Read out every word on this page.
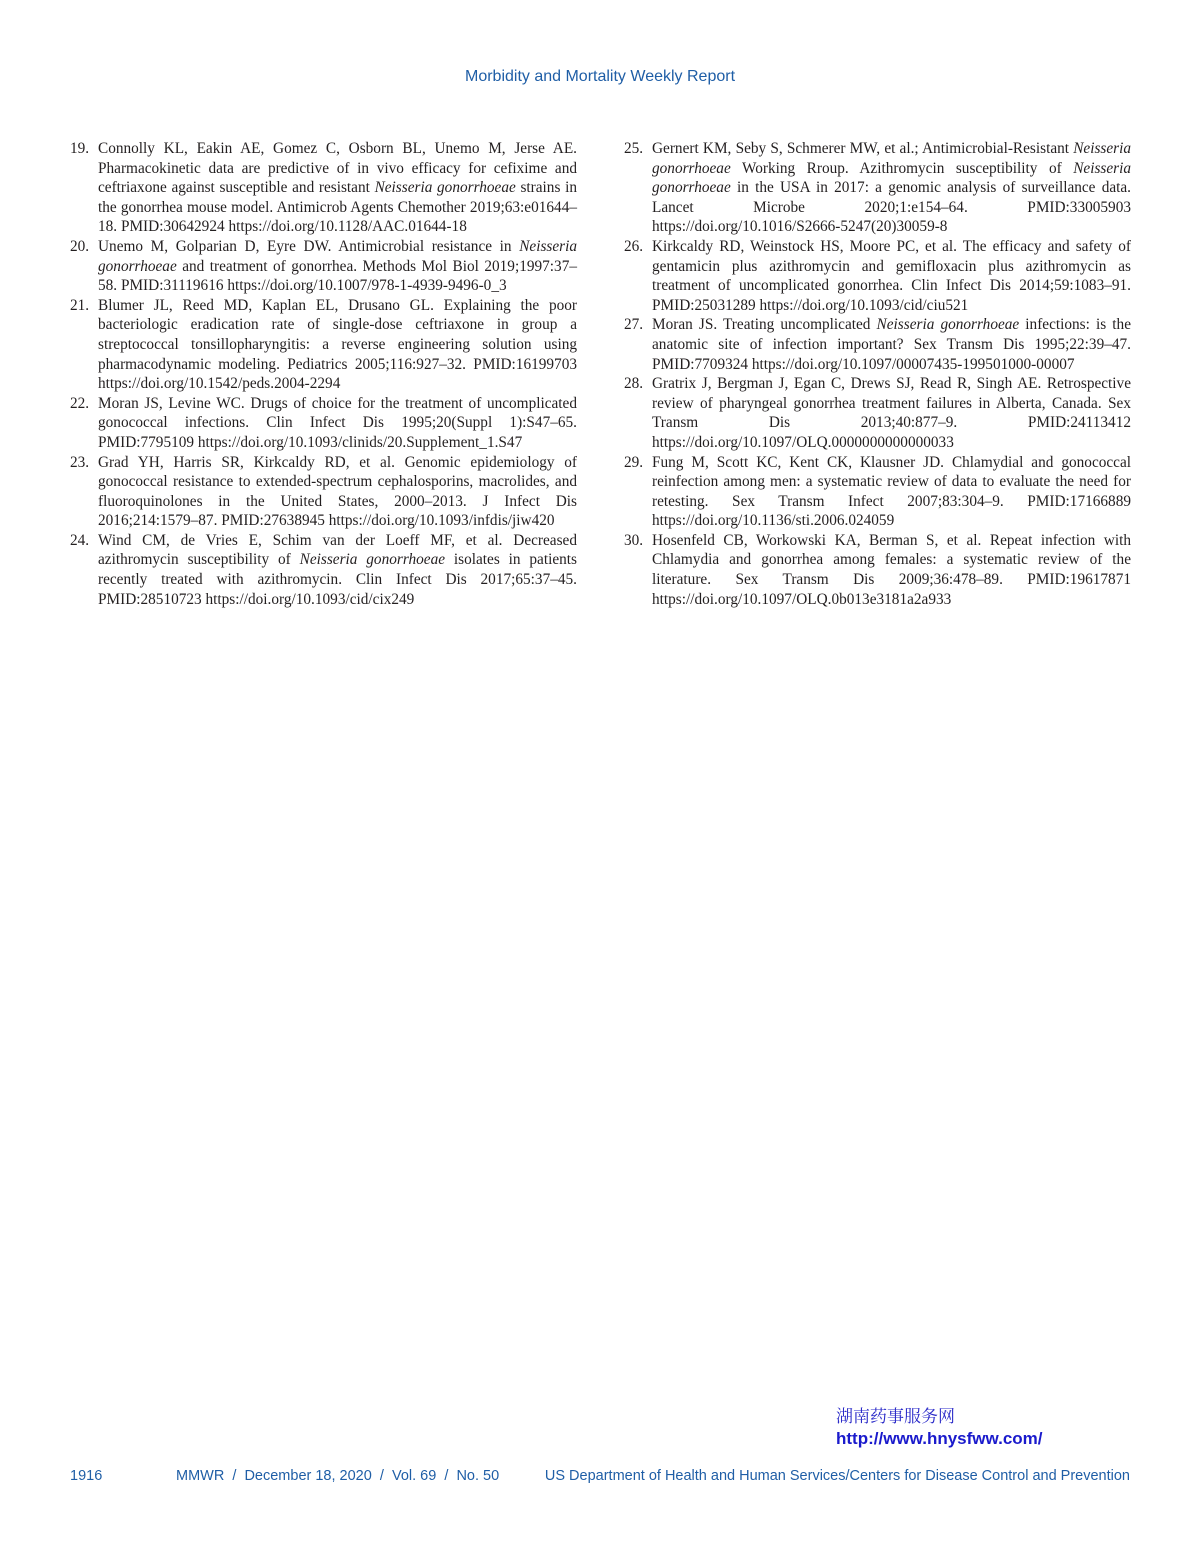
Morbidity and Mortality Weekly Report

19. Connolly KL, Eakin AE, Gomez C, Osborn BL, Unemo M, Jerse AE. Pharmacokinetic data are predictive of in vivo efficacy for cefixime and ceftriaxone against susceptible and resistant Neisseria gonorrhoeae strains in the gonorrhea mouse model. Antimicrob Agents Chemother 2019;63:e01644–18. PMID:30642924 https://doi.org/10.1128/AAC.01644-18

20. Unemo M, Golparian D, Eyre DW. Antimicrobial resistance in Neisseria gonorrhoeae and treatment of gonorrhea. Methods Mol Biol 2019;1997:37–58. PMID:31119616 https://doi.org/10.1007/978-1-4939-9496-0_3

21. Blumer JL, Reed MD, Kaplan EL, Drusano GL. Explaining the poor bacteriologic eradication rate of single-dose ceftriaxone in group a streptococcal tonsillopharyngitis: a reverse engineering solution using pharmacodynamic modeling. Pediatrics 2005;116:927–32. PMID:16199703 https://doi.org/10.1542/peds.2004-2294

22. Moran JS, Levine WC. Drugs of choice for the treatment of uncomplicated gonococcal infections. Clin Infect Dis 1995;20(Suppl 1):S47–65. PMID:7795109 https://doi.org/10.1093/clinids/20.Supplement_1.S47

23. Grad YH, Harris SR, Kirkcaldy RD, et al. Genomic epidemiology of gonococcal resistance to extended-spectrum cephalosporins, macrolides, and fluoroquinolones in the United States, 2000–2013. J Infect Dis 2016;214:1579–87. PMID:27638945 https://doi.org/10.1093/infdis/jiw420

24. Wind CM, de Vries E, Schim van der Loeff MF, et al. Decreased azithromycin susceptibility of Neisseria gonorrhoeae isolates in patients recently treated with azithromycin. Clin Infect Dis 2017;65:37–45. PMID:28510723 https://doi.org/10.1093/cid/cix249

25. Gernert KM, Seby S, Schmerer MW, et al.; Antimicrobial-Resistant Neisseria gonorrhoeae Working Rroup. Azithromycin susceptibility of Neisseria gonorrhoeae in the USA in 2017: a genomic analysis of surveillance data. Lancet Microbe 2020;1:e154–64. PMID:33005903 https://doi.org/10.1016/S2666-5247(20)30059-8

26. Kirkcaldy RD, Weinstock HS, Moore PC, et al. The efficacy and safety of gentamicin plus azithromycin and gemifloxacin plus azithromycin as treatment of uncomplicated gonorrhea. Clin Infect Dis 2014;59:1083–91. PMID:25031289 https://doi.org/10.1093/cid/ciu521

27. Moran JS. Treating uncomplicated Neisseria gonorrhoeae infections: is the anatomic site of infection important? Sex Transm Dis 1995;22:39–47. PMID:7709324 https://doi.org/10.1097/00007435-199501000-00007

28. Gratrix J, Bergman J, Egan C, Drews SJ, Read R, Singh AE. Retrospective review of pharyngeal gonorrhea treatment failures in Alberta, Canada. Sex Transm Dis 2013;40:877–9. PMID:24113412 https://doi.org/10.1097/OLQ.0000000000000033

29. Fung M, Scott KC, Kent CK, Klausner JD. Chlamydial and gonococcal reinfection among men: a systematic review of data to evaluate the need for retesting. Sex Transm Infect 2007;83:304–9. PMID:17166889 https://doi.org/10.1136/sti.2006.024059

30. Hosenfeld CB, Workowski KA, Berman S, et al. Repeat infection with Chlamydia and gonorrhea among females: a systematic review of the literature. Sex Transm Dis 2009;36:478–89. PMID:19617871 https://doi.org/10.1097/OLQ.0b013e3181a2a933

湖南药事服务网
http://www.hnysfww.com/
1916	MMWR  /  December 18, 2020  /  Vol. 69  /  No. 50	US Department of Health and Human Services/Centers for Disease Control and Prevention
